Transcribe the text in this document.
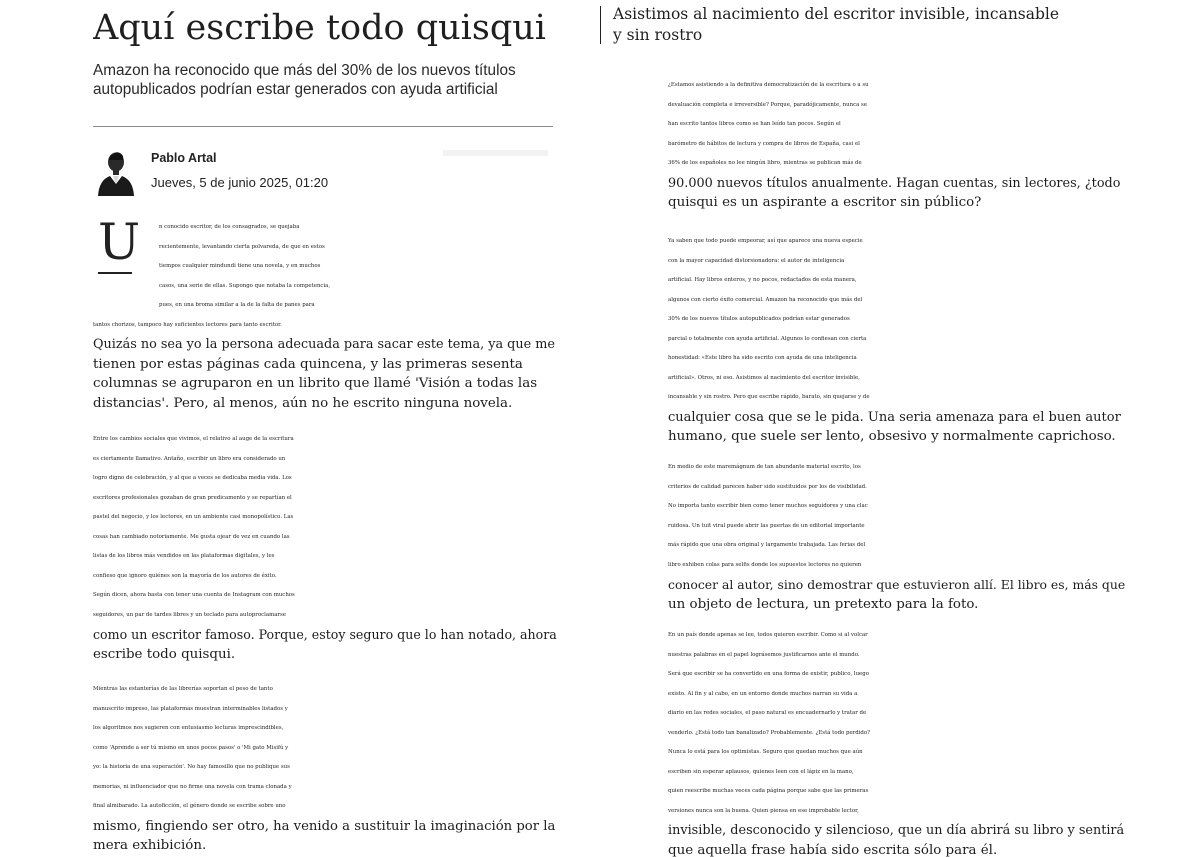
Aquí escribe todo quisqui

Amazon ha reconocido que más del 30% de los nuevos títulos autopublicados podrían estar generados con ayuda artificial

Pablo Artal

Jueves, 5 de junio 2025, 01:20

U	n conocido escritor, de los consagrados, se quejaba
recientemente, levantando cierta polvareda, de que en estos
tiempos cualquier mindundi tiene una novela, y en muchos
casos, una serie de ellas. Supongo que notaba la competencia,
pues, en una broma similar a la de la falta de panes para
tantos chorizos, tampoco hay suficientes lectores para tanto escritor.
Quizás no sea yo la persona adecuada para sacar este tema, ya que me
tienen por estas páginas cada quincena, y las primeras sesenta
columnas se agruparon en un librito que llamé 'Visión a todas las
distancias'. Pero, al menos, aún no he escrito ninguna novela.

Entre los cambios sociales que vivimos, el relativo al auge de la escritura
es ciertamente llamativo. Antaño, escribir un libro era considerado un
logro digno de celebración, y al que a veces se dedicaba media vida. Los
escritores profesionales gozaban de gran predicamento y se repartían el
pastel del negocio, y los lectores, en un ambiente casi monopolístico. Las
cosas han cambiado notoriamente. Me gusta ojear de vez en cuando las
listas de los libros más vendidos en las plataformas digitales, y les
confieso que ignoro quiénes son la mayoría de los autores de éxito.
Según dicen, ahora basta con tener una cuenta de Instagram con muchos
seguidores, un par de tardes libres y un teclado para autoproclamarse
como un escritor famoso. Porque, estoy seguro que lo han notado, ahora
escribe todo quisqui.

Mientras las estanterías de las librerías soportan el peso de tanto
manuscrito impreso, las plataformas muestran interminables listados y
los algoritmos nos sugieren con entusiasmo lecturas imprescindibles,
como 'Aprende a ser tú mismo en unos pocos pasos' o 'Mi gato Misifú y
yo: la historia de una superación'. No hay famosillo que no publique sus
memorias, ni influenciador que no firme una novela con trama clonada y
final almibarado. La autoficción, el género donde se escribe sobre uno
mismo, fingiendo ser otro, ha venido a sustituir la imaginación por la
mera exhibición.

Asistimos al nacimiento del escritor invisible, incansable
y sin rostro

¿Estamos asistiendo a la definitiva democratización de la escritura o a su
devaluación completa e irreversible? Porque, paradójicamente, nunca se
han escrito tantos libros como se han leído tan pocos. Según el
barómetro de hábitos de lectura y compra de libros de España, casi el
36% de los españoles no lee ningún libro, mientras se publican más de
90.000 nuevos títulos anualmente. Hagan cuentas, sin lectores, ¿todo
quisqui es un aspirante a escritor sin público?

Ya saben que todo puede empeorar, así que aparece una nueva especie
con la mayor capacidad distorsionadora: el autor de inteligencia
artificial. Hay libros enteros, y no pocos, redactados de esta manera,
algunos con cierto éxito comercial. Amazon ha reconocido que más del
30% de los nuevos títulos autopublicados podrían estar generados
parcial o totalmente con ayuda artificial. Algunos lo confiesan con cierta
honestidad: «Este libro ha sido escrito con ayuda de una inteligencia
artificial». Otros, ni eso. Asistimos al nacimiento del escritor invisible,
incansable y sin rostro. Pero que escribe rápido, barato, sin quejarse y de
cualquier cosa que se le pida. Una seria amenaza para el buen autor
humano, que suele ser lento, obsesivo y normalmente caprichoso.

En medio de este maremágnum de tan abundante material escrito, los
criterios de calidad parecen haber sido sustituidos por los de visibilidad.
No importa tanto escribir bien como tener muchos seguidores y una clac
ruidosa. Un tuit viral puede abrir las puertas de un editorial importante
más rápido que una obra original y largamente trabajada. Las ferias del
libro exhiben colas para selfis donde los supuestos lectores no quieren
conocer al autor, sino demostrar que estuvieron allí. El libro es, más que
un objeto de lectura, un pretexto para la foto.

En un país donde apenas se lee, todos quieren escribir. Como si al volcar
nuestras palabras en el papel lográsemos justificarnos ante el mundo.
Será que escribir se ha convertido en una forma de existir, publico, luego
existo. Al fin y al cabo, en un entorno donde muchos narran su vida a
diario en las redes sociales, el paso natural es encuadernarlo y tratar de
venderlo. ¿Está todo tan banalizado? Probablemente. ¿Está todo perdido?
Nunca lo está para los optimistas. Seguro que quedan muchos que aún
escriben sin esperar aplausos, quienes leen con el lápiz en la mano,
quien reescribe muchas veces cada página porque sabe que las primeras
versiones nunca son la buena. Quien piensa en ese improbable lector,
invisible, desconocido y silencioso, que un día abrirá su libro y sentirá
que aquella frase había sido escrita sólo para él.
